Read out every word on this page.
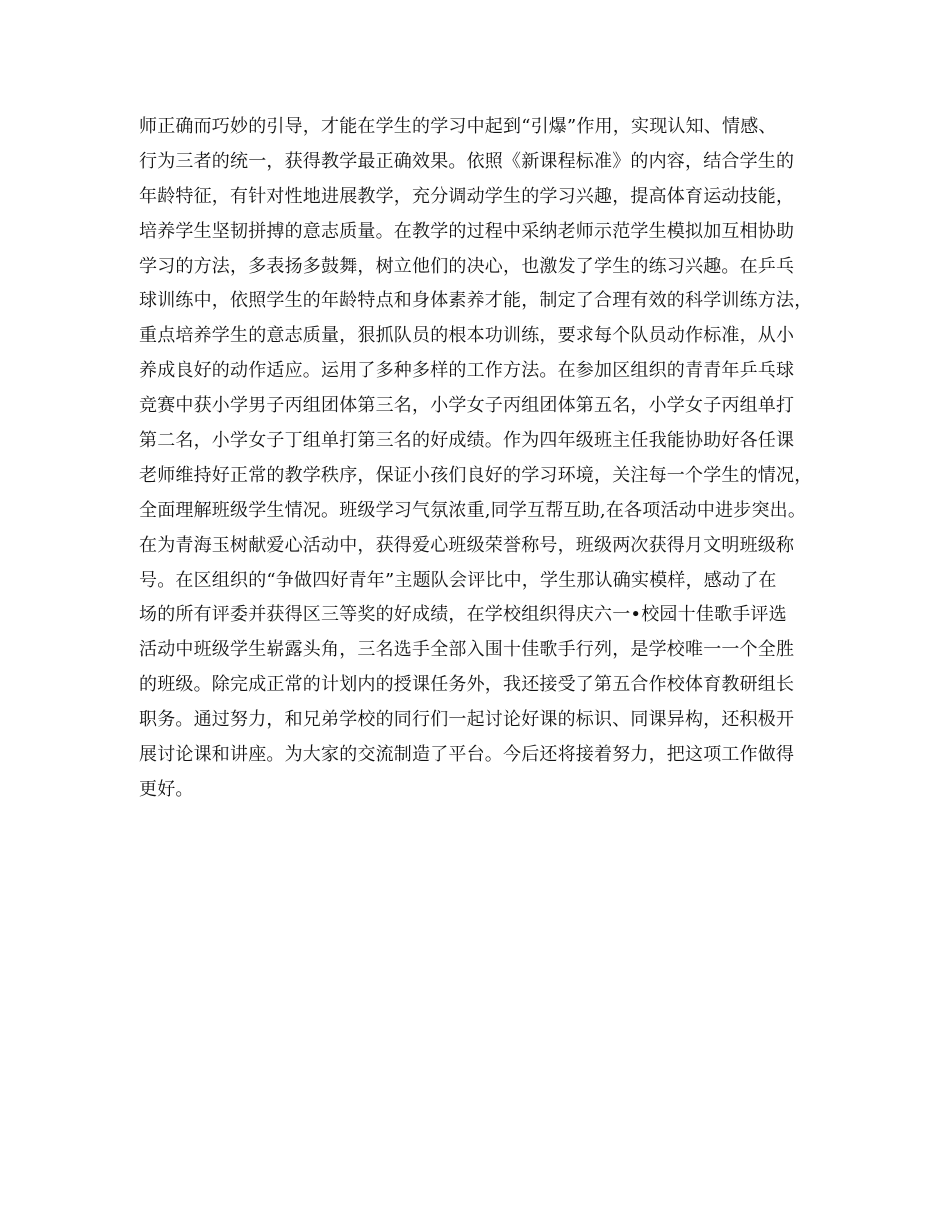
师正确而巧妙的引导，才能在学生的学习中起到“引爆”作用，实现认知、情感、
行为三者的统一，获得教学最正确效果。依照《新课程标准》的内容，结合学生的
年龄特征，有针对性地进展教学，充分调动学生的学习兴趣，提高体育运动技能，
培养学生坚韧拼搏的意志质量。在教学的过程中采纳老师示范学生模拟加互相协助
学习的方法，多表扬多鼓舞，树立他们的决心，也激发了学生的练习兴趣。在乒乓
球训练中，依照学生的年龄特点和身体素养才能，制定了合理有效的科学训练方法，
重点培养学生的意志质量，狠抓队员的根本功训练，要求每个队员动作标准，从小
养成良好的动作适应。运用了多种多样的工作方法。在参加区组织的青青年乒乓球
竞赛中获小学男子丙组团体第三名，小学女子丙组团体第五名，小学女子丙组单打
第二名，小学女子丁组单打第三名的好成绩。作为四年级班主任我能协助好各任课
老师维持好正常的教学秩序，保证小孩们良好的学习环境，关注每一个学生的情况，
全面理解班级学生情况。班级学习气氛浓重,同学互帮互助,在各项活动中进步突出。
在为青海玉树献爱心活动中，获得爱心班级荣誉称号，班级两次获得月文明班级称
号。在区组织的“争做四好青年”主题队会评比中，学生那认确实模样，感动了在
场的所有评委并获得区三等奖的好成绩，在学校组织得庆六一•校园十佳歌手评选
活动中班级学生崭露头角，三名选手全部入围十佳歌手行列，是学校唯一一个全胜
的班级。除完成正常的计划内的授课任务外，我还接受了第五合作校体育教研组长
职务。通过努力，和兄弟学校的同行们一起讨论好课的标识、同课异构，还积极开
展讨论课和讲座。为大家的交流制造了平台。今后还将接着努力，把这项工作做得
更好。
